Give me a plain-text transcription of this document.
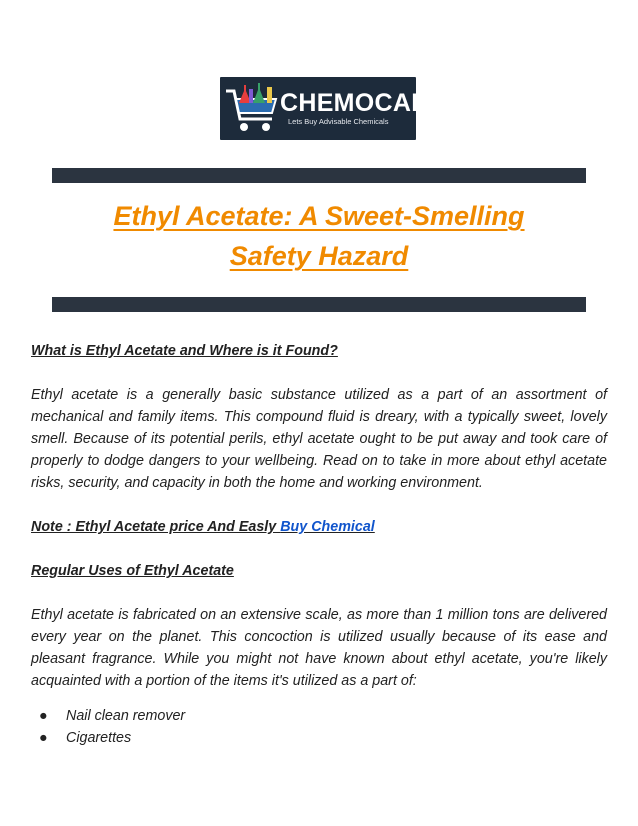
CHEMOCART
Lets Buy Advisable Chemicals
Ethyl Acetate: A Sweet-Smelling
Safety Hazard

What is Ethyl Acetate and Where is it Found?

Ethyl acetate is a generally basic substance utilized as a part of an assortment of mechanical and family items. This compound fluid is dreary, with a typically sweet, lovely smell. Because of its potential perils, ethyl acetate ought to be put away and took care of properly to dodge dangers to your wellbeing. Read on to take in more about ethyl acetate risks, security, and capacity in both the home and working environment.

Note : Ethyl Acetate price And Easly Buy Chemical

Regular Uses of Ethyl Acetate

Ethyl acetate is fabricated on an extensive scale, as more than 1 million tons are delivered every year on the planet. This concoction is utilized usually because of its ease and pleasant fragrance. While you might not have known about ethyl acetate, you're likely acquainted with a portion of the items it's utilized as a part of:

● Nail clean remover
● Cigarettes
